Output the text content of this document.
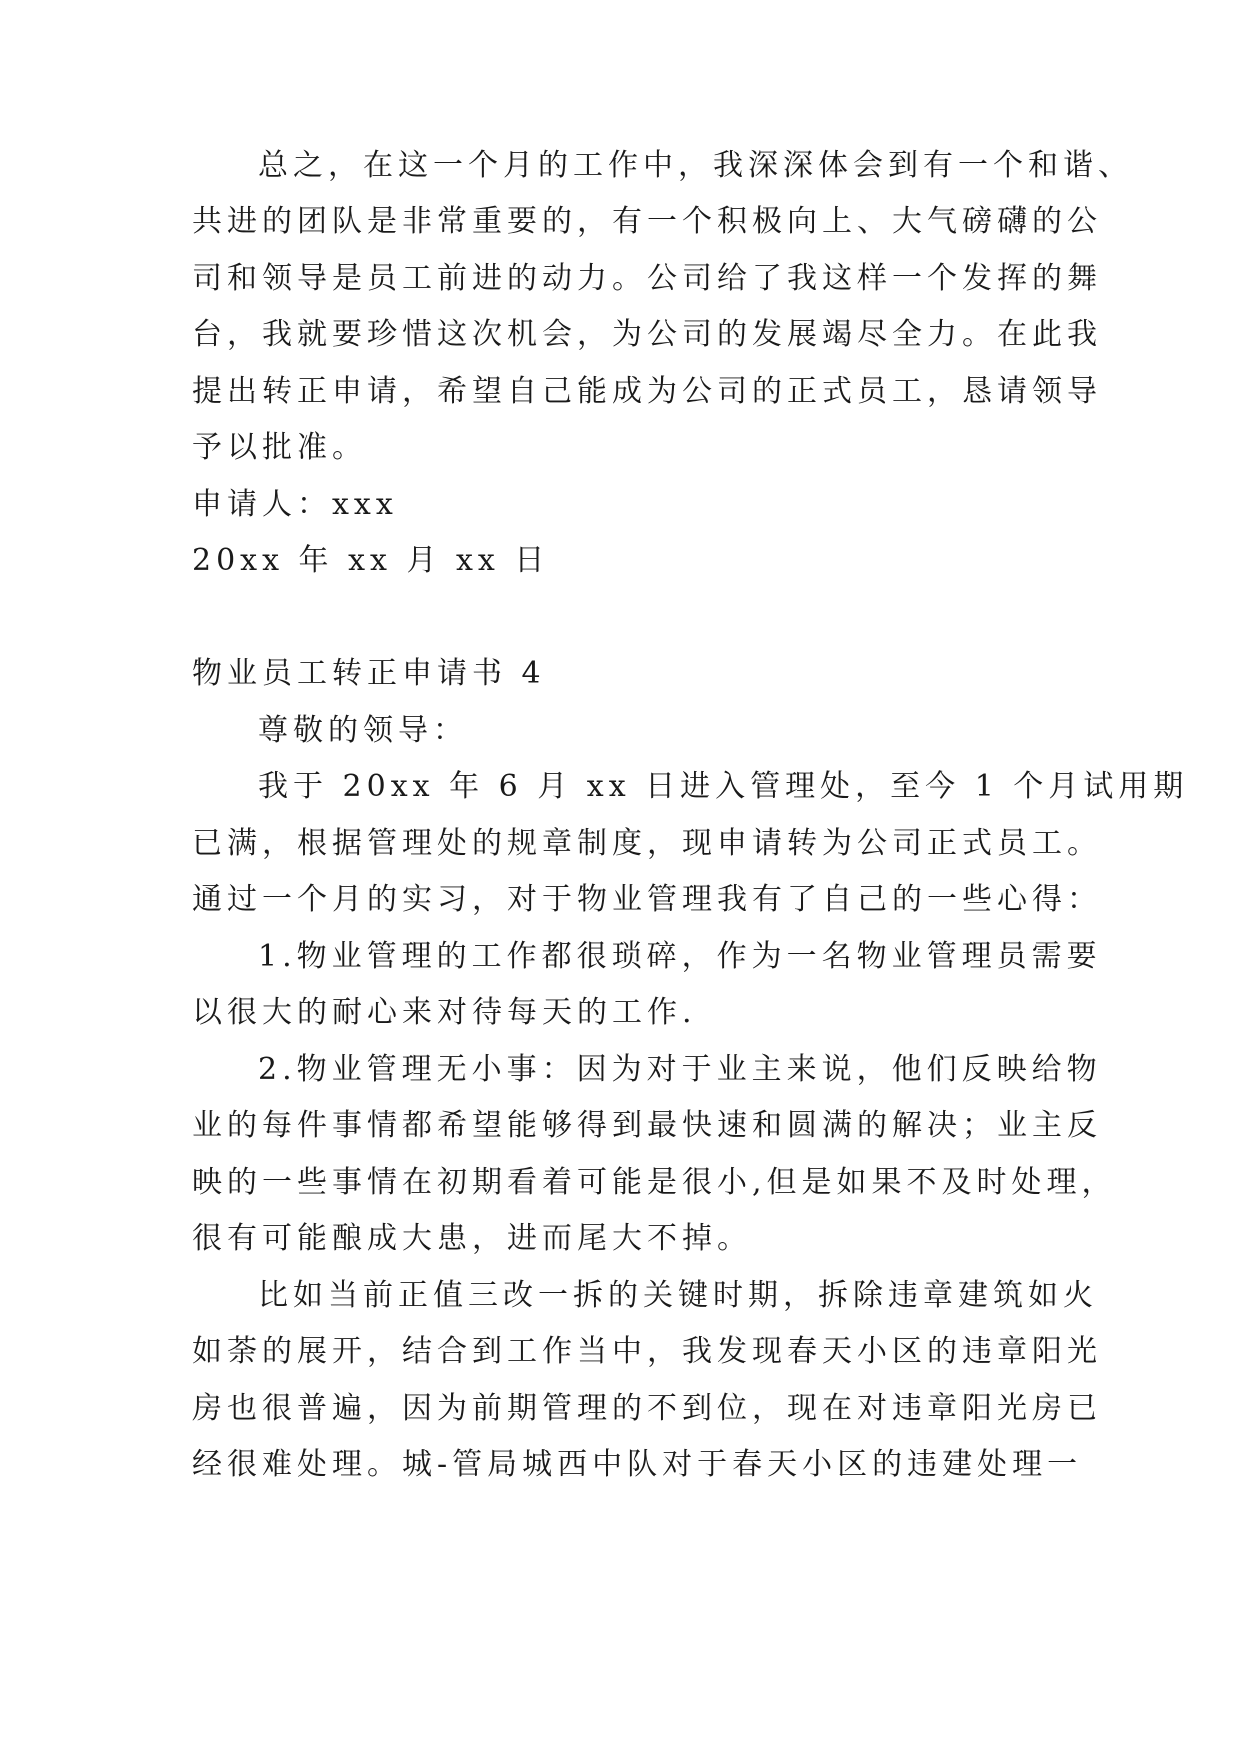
总之，在这一个月的工作中，我深深体会到有一个和谐、

共进的团队是非常重要的，有一个积极向上、大气磅礴的公

司和领导是员工前进的动力。公司给了我这样一个发挥的舞

台，我就要珍惜这次机会，为公司的发展竭尽全力。在此我

提出转正申请，希望自己能成为公司的正式员工，恳请领导

予以批准。

申请人：xxx

20xx 年 xx 月 xx 日

物业员工转正申请书 4

尊敬的领导：

我于 20xx 年 6 月 xx 日进入管理处，至今 1 个月试用期

已满，根据管理处的规章制度，现申请转为公司正式员工。

通过一个月的实习，对于物业管理我有了自己的一些心得：

1.物业管理的工作都很琐碎，作为一名物业管理员需要

以很大的耐心来对待每天的工作.

2.物业管理无小事：因为对于业主来说，他们反映给物

业的每件事情都希望能够得到最快速和圆满的解决；业主反

映的一些事情在初期看着可能是很小,但是如果不及时处理，

很有可能酿成大患，进而尾大不掉。

比如当前正值三改一拆的关键时期，拆除违章建筑如火

如荼的展开，结合到工作当中，我发现春天小区的违章阳光

房也很普遍，因为前期管理的不到位，现在对违章阳光房已

经很难处理。城-管局城西中队对于春天小区的违建处理一
